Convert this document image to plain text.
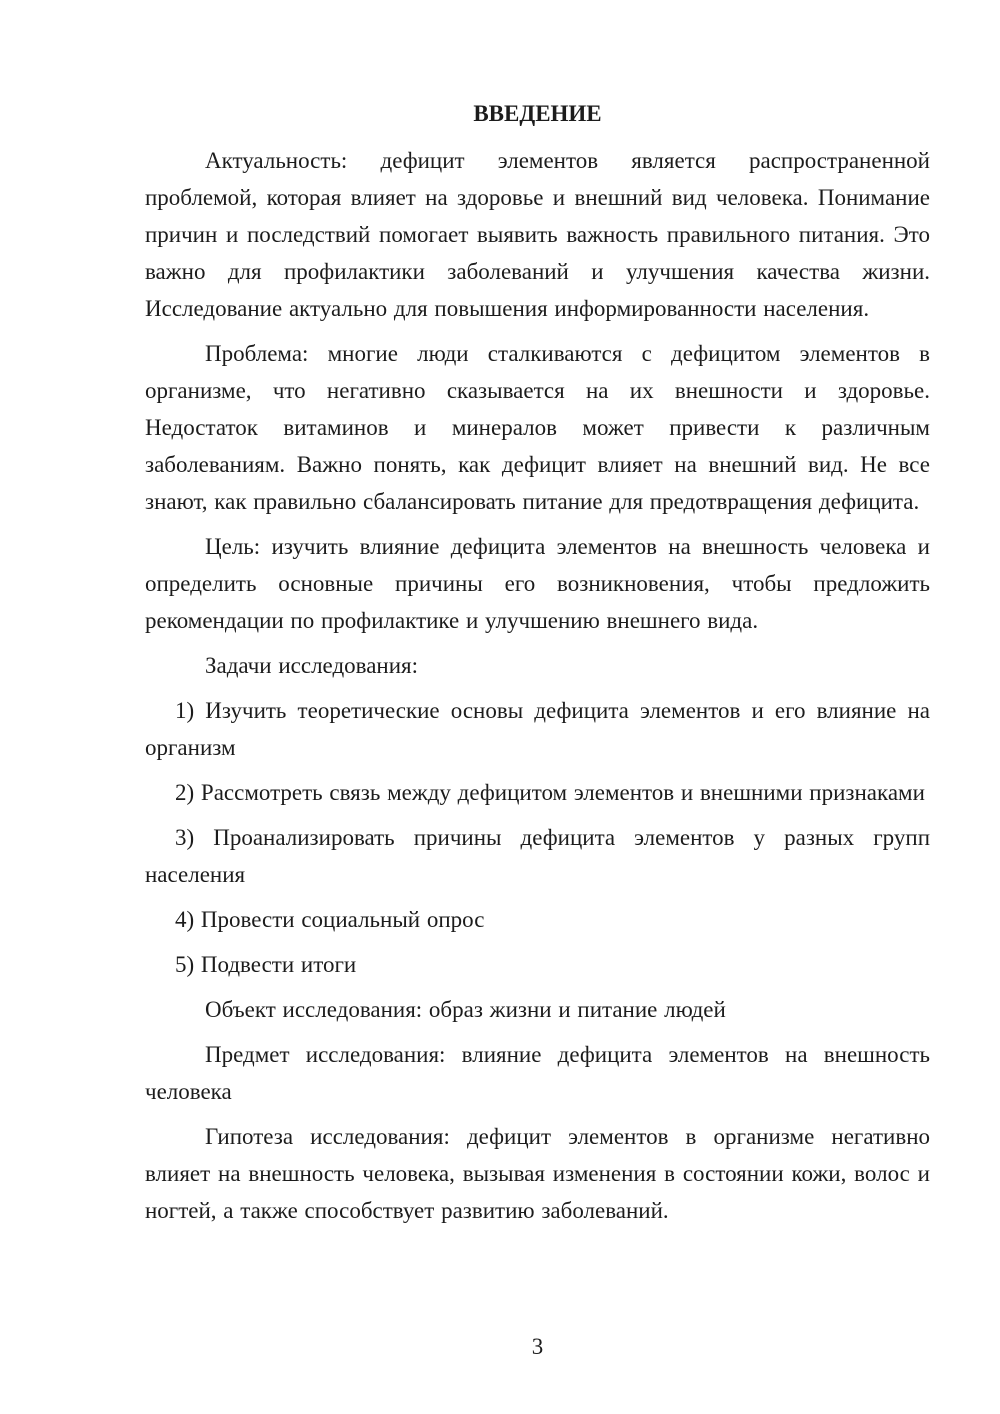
ВВЕДЕНИЕ

Актуальность: дефицит элементов является распространенной проблемой, которая влияет на здоровье и внешний вид человека. Понимание причин и последствий помогает выявить важность правильного питания. Это важно для профилактики заболеваний и улучшения качества жизни. Исследование актуально для повышения информированности населения.

Проблема: многие люди сталкиваются с дефицитом элементов в организме, что негативно сказывается на их внешности и здоровье. Недостаток витаминов и минералов может привести к различным заболеваниям. Важно понять, как дефицит влияет на внешний вид. Не все знают, как правильно сбалансировать питание для предотвращения дефицита.

Цель: изучить влияние дефицита элементов на внешность человека и определить основные причины его возникновения, чтобы предложить рекомендации по профилактике и улучшению внешнего вида.

Задачи исследования:

1) Изучить теоретические основы дефицита элементов и его влияние на организм

2) Рассмотреть связь между дефицитом элементов и внешними признаками

3) Проанализировать причины дефицита элементов у разных групп населения

4) Провести социальный опрос

5) Подвести итоги

Объект исследования: образ жизни и питание людей

Предмет исследования: влияние дефицита элементов на внешность человека

Гипотеза исследования: дефицит элементов в организме негативно влияет на внешность человека, вызывая изменения в состоянии кожи, волос и ногтей, а также способствует развитию заболеваний.

3
